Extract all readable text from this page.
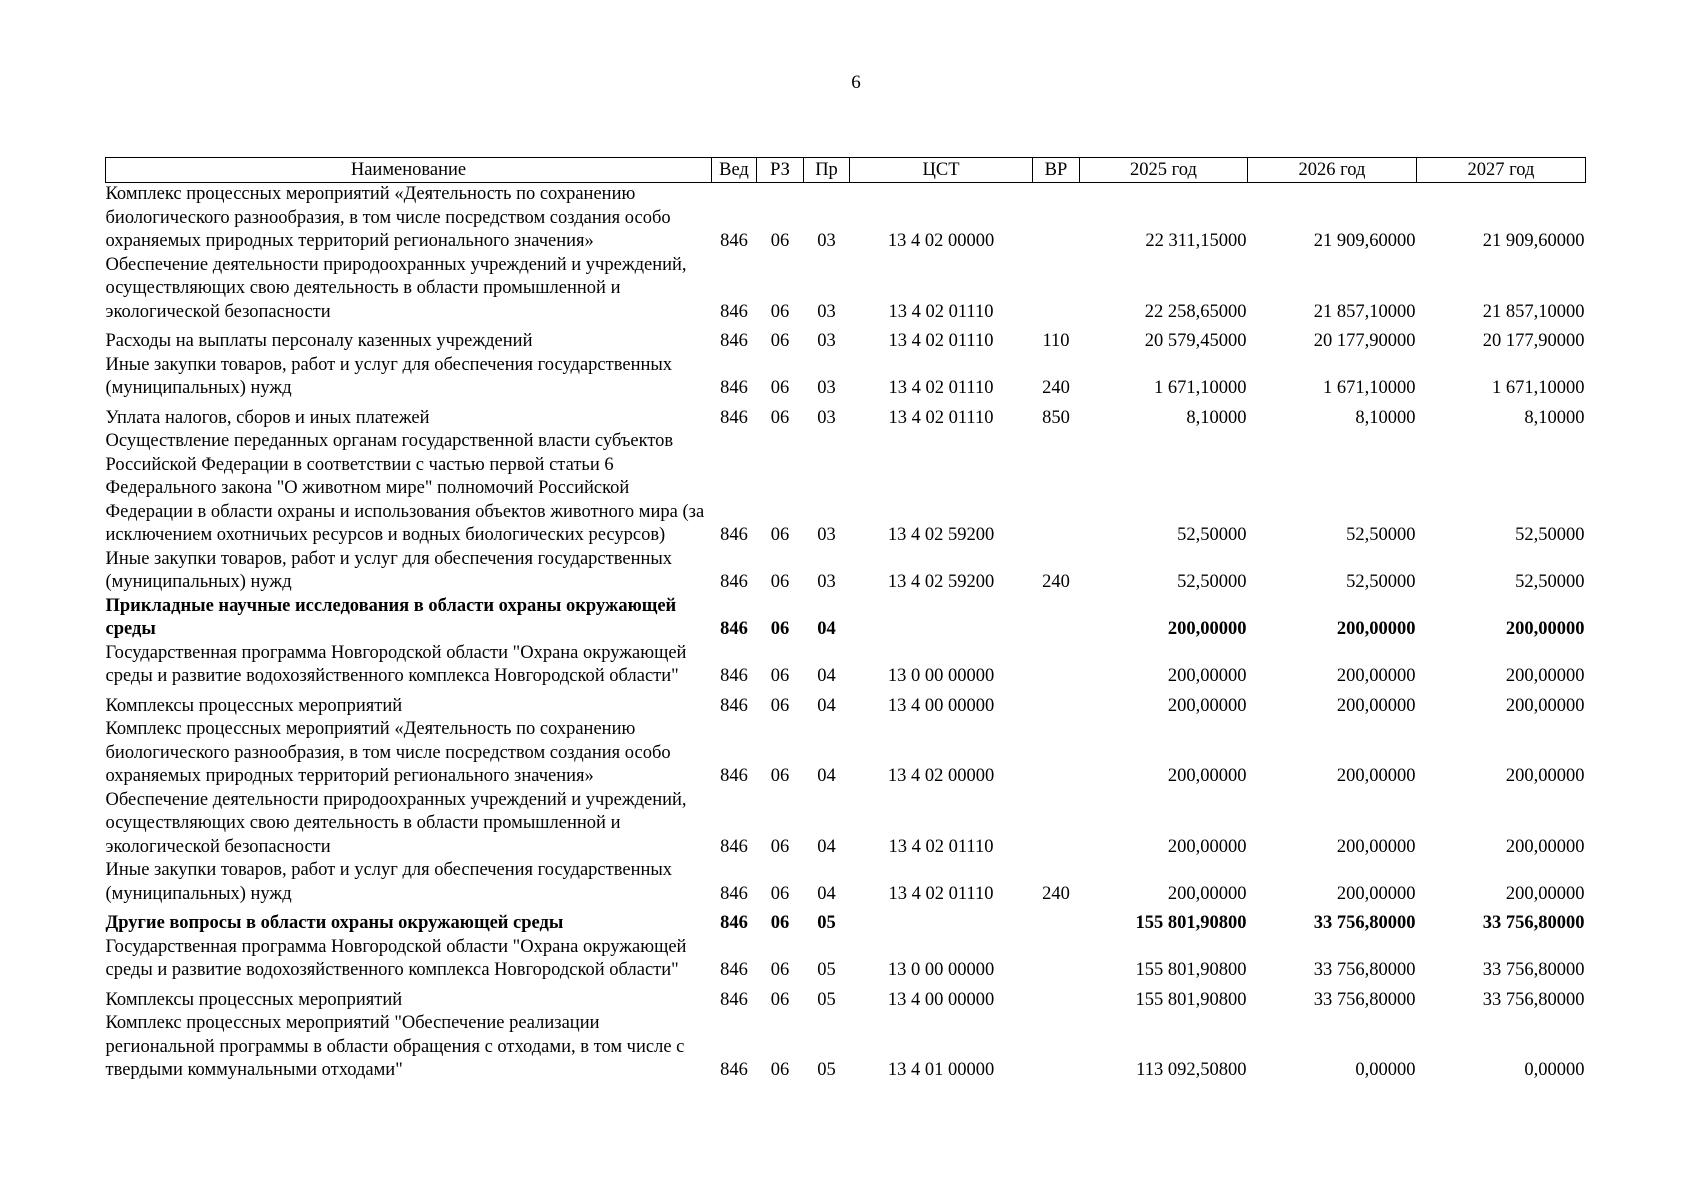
6
Наименование	Вед	РЗ	Пр	ЦСТ	ВР	2025 год	2026 год	2027 год
Комплекс процессных мероприятий «Деятельность по сохранению биологического разнообразия, в том числе посредством создания особо охраняемых природных территорий регионального значения»	846	06	03	13 4 02 00000		22 311,15000	21 909,60000	21 909,60000
Обеспечение деятельности природоохранных учреждений и учреждений, осуществляющих свою деятельность в области промышленной и экологической безопасности	846	06	03	13 4 02 01110		22 258,65000	21 857,10000	21 857,10000
Расходы на выплаты персоналу казенных учреждений	846	06	03	13 4 02 01110	110	20 579,45000	20 177,90000	20 177,90000
Иные закупки товаров, работ и услуг для обеспечения государственных (муниципальных) нужд	846	06	03	13 4 02 01110	240	1 671,10000	1 671,10000	1 671,10000
Уплата налогов, сборов и иных платежей	846	06	03	13 4 02 01110	850	8,10000	8,10000	8,10000
Осуществление переданных органам государственной власти субъектов Российской Федерации в соответствии с частью первой статьи 6 Федерального закона "О животном мире" полномочий Российской Федерации в области охраны и использования объектов животного мира (за исключением охотничьих ресурсов и водных биологических ресурсов)	846	06	03	13 4 02 59200		52,50000	52,50000	52,50000
Иные закупки товаров, работ и услуг для обеспечения государственных (муниципальных) нужд	846	06	03	13 4 02 59200	240	52,50000	52,50000	52,50000
Прикладные научные исследования в области охраны окружающей среды	846	06	04			200,00000	200,00000	200,00000
Государственная программа Новгородской области "Охрана окружающей среды и развитие водохозяйственного комплекса Новгородской области"	846	06	04	13 0 00 00000		200,00000	200,00000	200,00000
Комплексы процессных мероприятий	846	06	04	13 4 00 00000		200,00000	200,00000	200,00000
Комплекс процессных мероприятий «Деятельность по сохранению биологического разнообразия, в том числе посредством создания особо охраняемых природных территорий регионального значения»	846	06	04	13 4 02 00000		200,00000	200,00000	200,00000
Обеспечение деятельности природоохранных учреждений и учреждений, осуществляющих свою деятельность в области промышленной и экологической безопасности	846	06	04	13 4 02 01110		200,00000	200,00000	200,00000
Иные закупки товаров, работ и услуг для обеспечения государственных (муниципальных) нужд	846	06	04	13 4 02 01110	240	200,00000	200,00000	200,00000
Другие вопросы в области охраны окружающей среды	846	06	05			155 801,90800	33 756,80000	33 756,80000
Государственная программа Новгородской области "Охрана окружающей среды и развитие водохозяйственного комплекса Новгородской области"	846	06	05	13 0 00 00000		155 801,90800	33 756,80000	33 756,80000
Комплексы процессных мероприятий	846	06	05	13 4 00 00000		155 801,90800	33 756,80000	33 756,80000
Комплекс процессных мероприятий "Обеспечение реализации региональной программы в области обращения с отходами, в том числе с твердыми коммунальными отходами"	846	06	05	13 4 01 00000		113 092,50800	0,00000	0,00000
